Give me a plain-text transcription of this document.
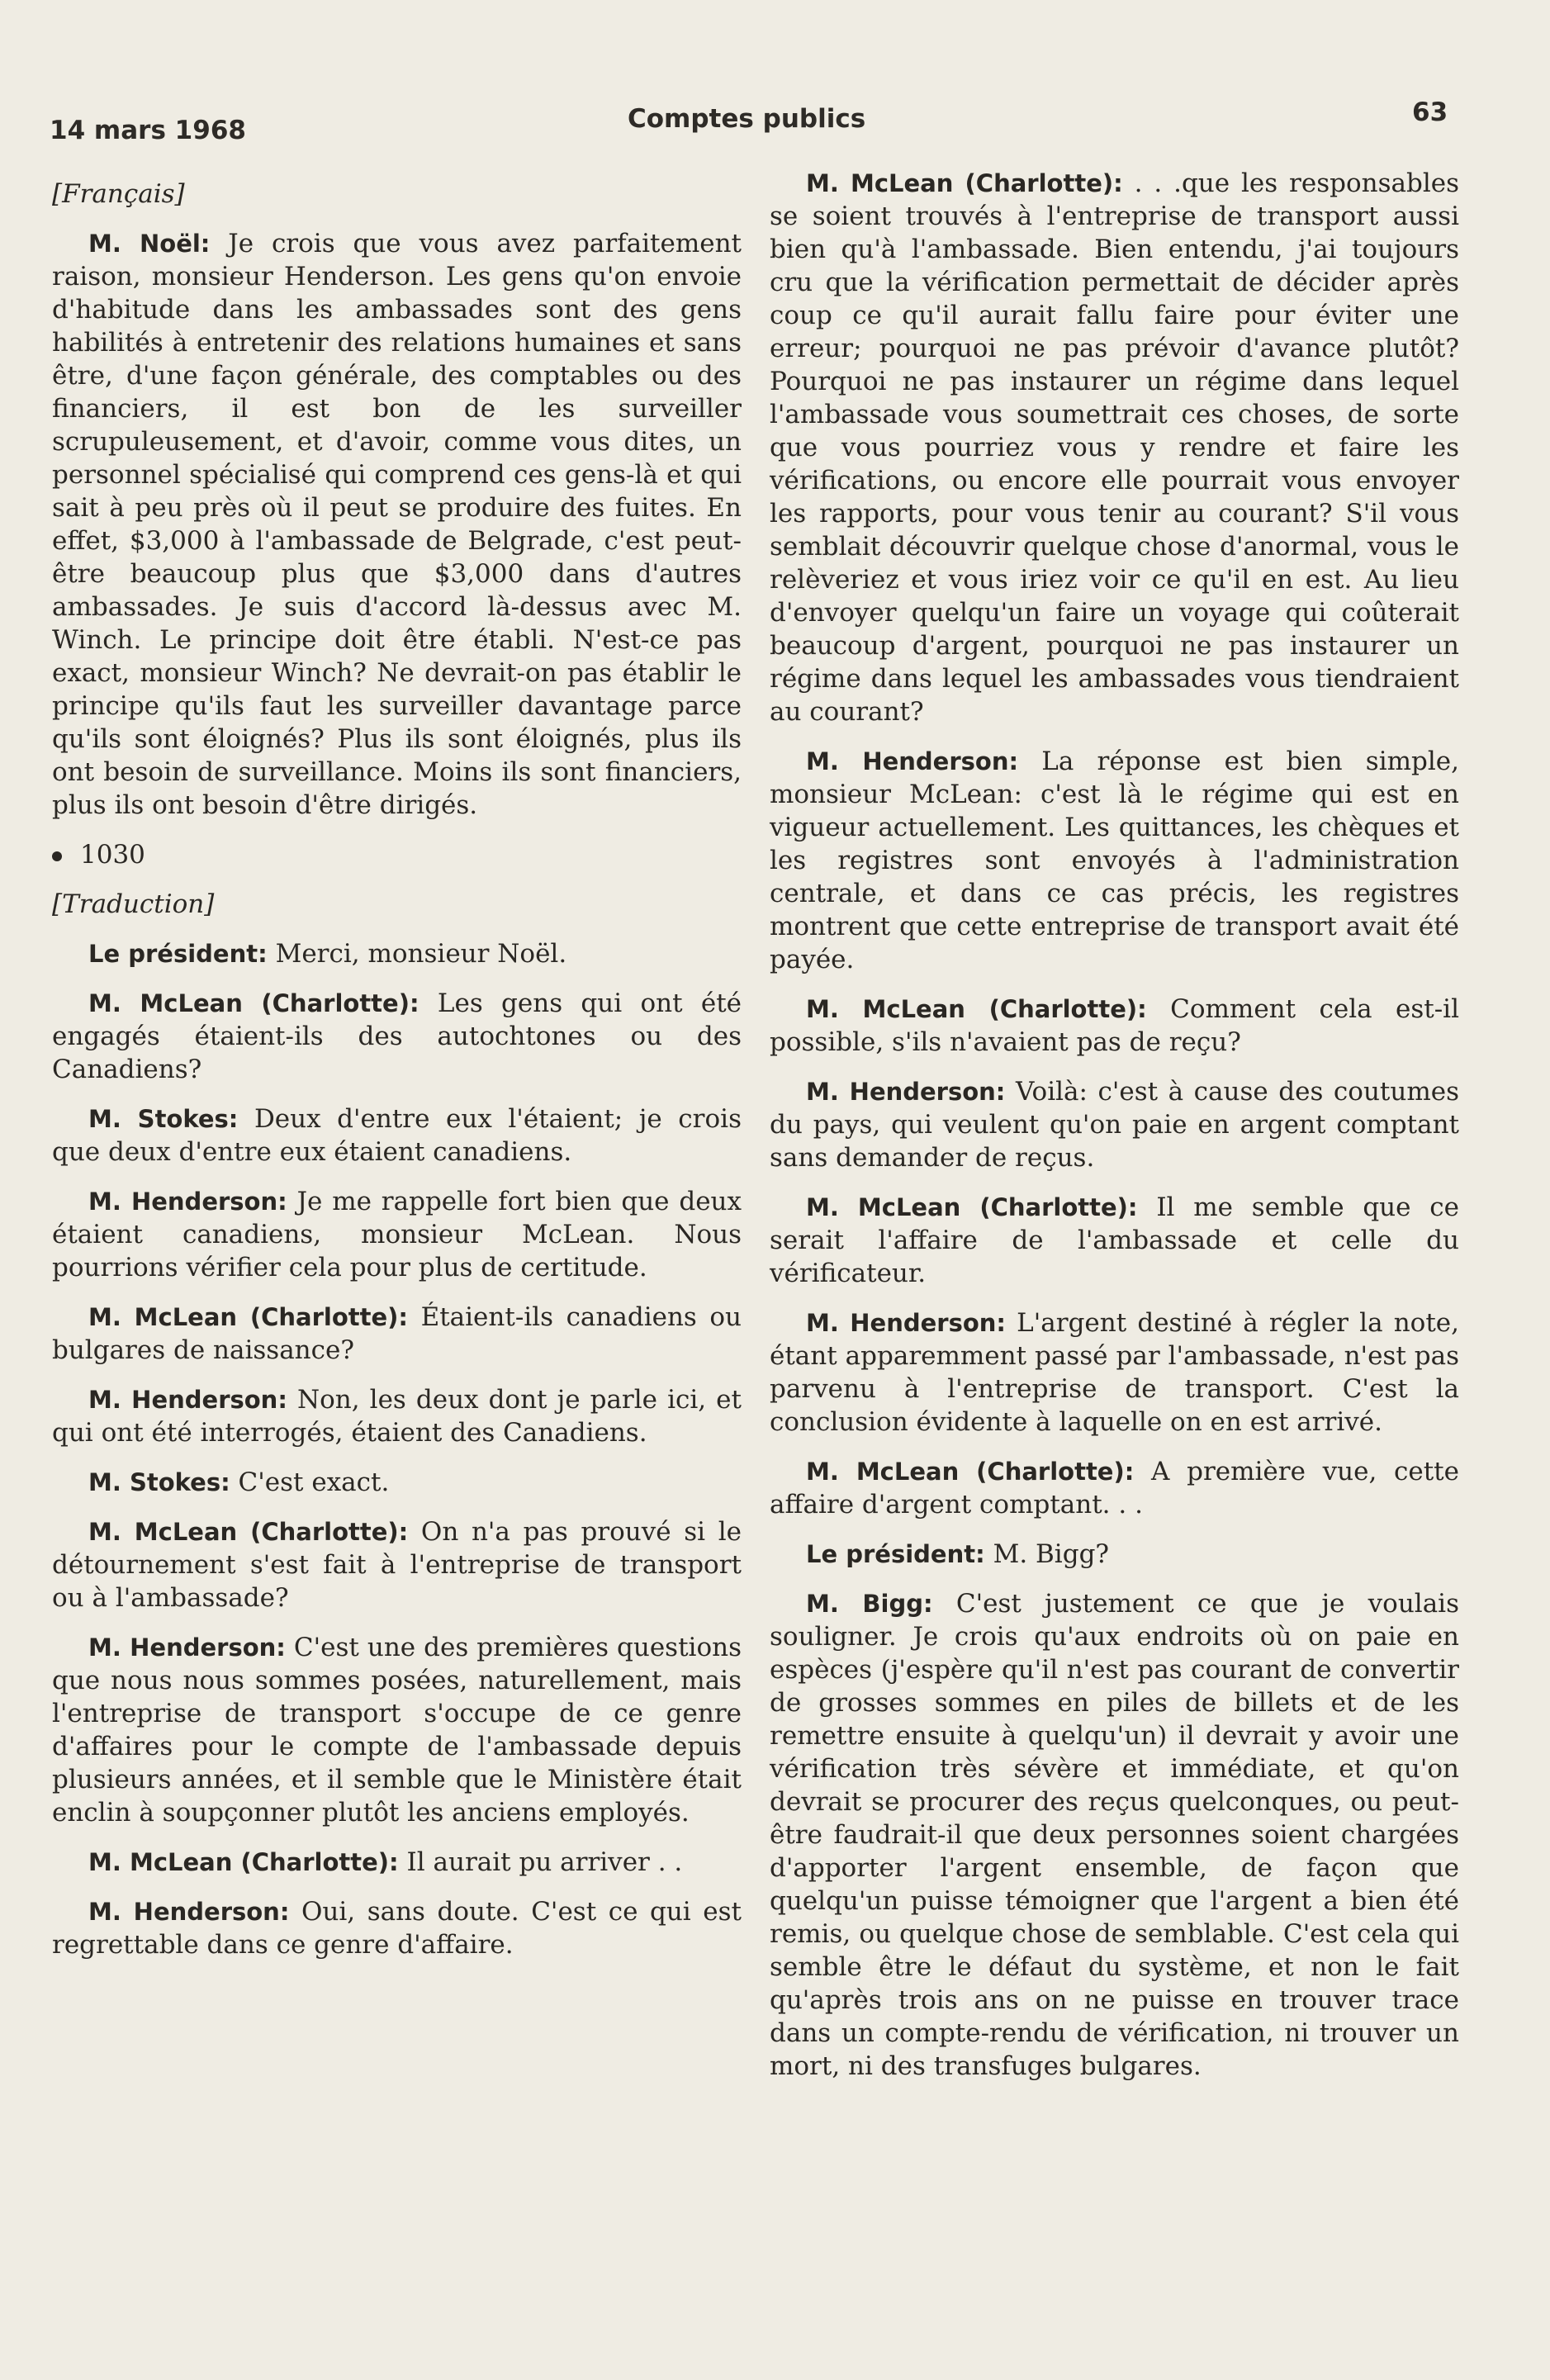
14 mars 1968	Comptes publics	63

[Français]

M. Noël: Je crois que vous avez parfaitement raison, monsieur Henderson. Les gens qu'on envoie d'habitude dans les ambassades sont des gens habilités à entretenir des relations humaines et sans être, d'une façon générale, des comptables ou des financiers, il est bon de les surveiller scrupuleusement, et d'avoir, comme vous dites, un personnel spécialisé qui comprend ces gens-là et qui sait à peu près où il peut se produire des fuites. En effet, $3,000 à l'ambassade de Belgrade, c'est peut-être beaucoup plus que $3,000 dans d'autres ambassades. Je suis d'accord là-dessus avec M. Winch. Le principe doit être établi. N'est-ce pas exact, monsieur Winch? Ne devrait-on pas établir le principe qu'ils faut les surveiller davantage parce qu'ils sont éloignés? Plus ils sont éloignés, plus ils ont besoin de surveillance. Moins ils sont financiers, plus ils ont besoin d'être dirigés.

1030

[Traduction]

Le président: Merci, monsieur Noël.

M. McLean (Charlotte): Les gens qui ont été engagés étaient-ils des autochtones ou des Canadiens?

M. Stokes: Deux d'entre eux l'étaient; je crois que deux d'entre eux étaient canadiens.

M. Henderson: Je me rappelle fort bien que deux étaient canadiens, monsieur McLean. Nous pourrions vérifier cela pour plus de certitude.

M. McLean (Charlotte): Étaient-ils canadiens ou bulgares de naissance?

M. Henderson: Non, les deux dont je parle ici, et qui ont été interrogés, étaient des Canadiens.

M. Stokes: C'est exact.

M. McLean (Charlotte): On n'a pas prouvé si le détournement s'est fait à l'entreprise de transport ou à l'ambassade?

M. Henderson: C'est une des premières questions que nous nous sommes posées, naturellement, mais l'entreprise de transport s'occupe de ce genre d'affaires pour le compte de l'ambassade depuis plusieurs années, et il semble que le Ministère était enclin à soupçonner plutôt les anciens employés.

M. McLean (Charlotte): Il aurait pu arriver . .

M. Henderson: Oui, sans doute. C'est ce qui est regrettable dans ce genre d'affaire.

M. McLean (Charlotte): . . .que les responsables se soient trouvés à l'entreprise de transport aussi bien qu'à l'ambassade. Bien entendu, j'ai toujours cru que la vérification permettait de décider après coup ce qu'il aurait fallu faire pour éviter une erreur; pourquoi ne pas prévoir d'avance plutôt? Pourquoi ne pas instaurer un régime dans lequel l'ambassade vous soumettrait ces choses, de sorte que vous pourriez vous y rendre et faire les vérifications, ou encore elle pourrait vous envoyer les rapports, pour vous tenir au courant? S'il vous semblait découvrir quelque chose d'anormal, vous le relèveriez et vous iriez voir ce qu'il en est. Au lieu d'envoyer quelqu'un faire un voyage qui coûterait beaucoup d'argent, pourquoi ne pas instaurer un régime dans lequel les ambassades vous tiendraient au courant?

M. Henderson: La réponse est bien simple, monsieur McLean: c'est là le régime qui est en vigueur actuellement. Les quittances, les chèques et les registres sont envoyés à l'administration centrale, et dans ce cas précis, les registres montrent que cette entreprise de transport avait été payée.

M. McLean (Charlotte): Comment cela est-il possible, s'ils n'avaient pas de reçu?

M. Henderson: Voilà: c'est à cause des coutumes du pays, qui veulent qu'on paie en argent comptant sans demander de reçus.

M. McLean (Charlotte): Il me semble que ce serait l'affaire de l'ambassade et celle du vérificateur.

M. Henderson: L'argent destiné à régler la note, étant apparemment passé par l'ambassade, n'est pas parvenu à l'entreprise de transport. C'est la conclusion évidente à laquelle on en est arrivé.

M. McLean (Charlotte): A première vue, cette affaire d'argent comptant. . .

Le président: M. Bigg?

M. Bigg: C'est justement ce que je voulais souligner. Je crois qu'aux endroits où on paie en espèces (j'espère qu'il n'est pas courant de convertir de grosses sommes en piles de billets et de les remettre ensuite à quelqu'un) il devrait y avoir une vérification très sévère et immédiate, et qu'on devrait se procurer des reçus quelconques, ou peut-être faudrait-il que deux personnes soient chargées d'apporter l'argent ensemble, de façon que quelqu'un puisse témoigner que l'argent a bien été remis, ou quelque chose de semblable. C'est cela qui semble être le défaut du système, et non le fait qu'après trois ans on ne puisse en trouver trace dans un compte-rendu de vérification, ni trouver un mort, ni des transfuges bulgares.
